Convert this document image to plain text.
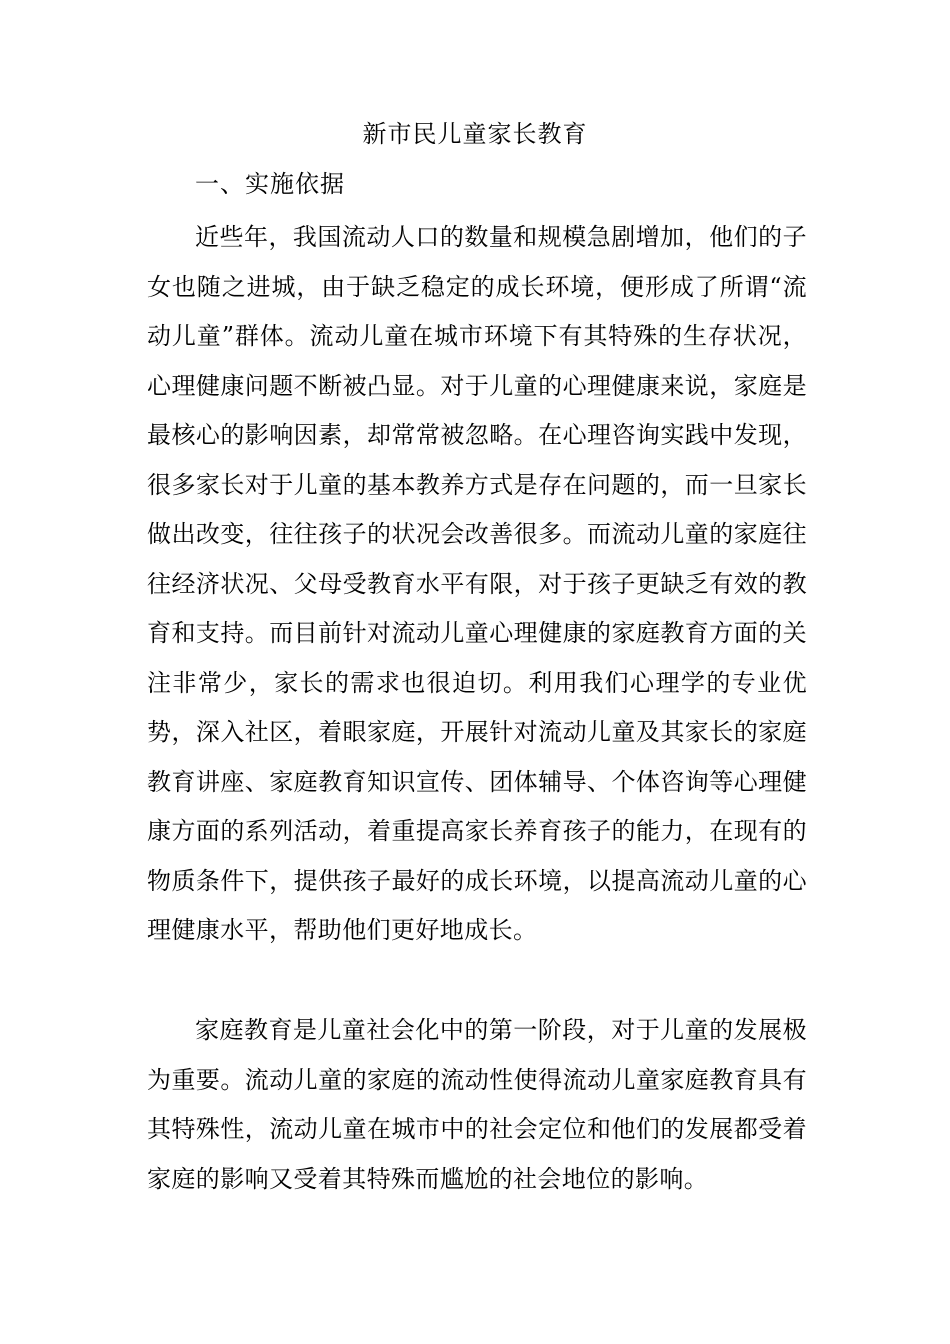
新市民儿童家长教育
一、实施依据

近些年，我国流动人口的数量和规模急剧增加，他们的子女也随之进城，由于缺乏稳定的成长环境，便形成了所谓“流动儿童”群体。流动儿童在城市环境下有其特殊的生存状况，心理健康问题不断被凸显。对于儿童的心理健康来说，家庭是最核心的影响因素，却常常被忽略。在心理咨询实践中发现，很多家长对于儿童的基本教养方式是存在问题的，而一旦家长做出改变，往往孩子的状况会改善很多。而流动儿童的家庭往往经济状况、父母受教育水平有限，对于孩子更缺乏有效的教育和支持。而目前针对流动儿童心理健康的家庭教育方面的关注非常少，家长的需求也很迫切。利用我们心理学的专业优势，深入社区，着眼家庭，开展针对流动儿童及其家长的家庭教育讲座、家庭教育知识宣传、团体辅导、个体咨询等心理健康方面的系列活动，着重提高家长养育孩子的能力，在现有的物质条件下，提供孩子最好的成长环境，以提高流动儿童的心理健康水平，帮助他们更好地成长。

家庭教育是儿童社会化中的第一阶段，对于儿童的发展极为重要。流动儿童的家庭的流动性使得流动儿童家庭教育具有其特殊性，流动儿童在城市中的社会定位和他们的发展都受着家庭的影响又受着其特殊而尴尬的社会地位的影响。
